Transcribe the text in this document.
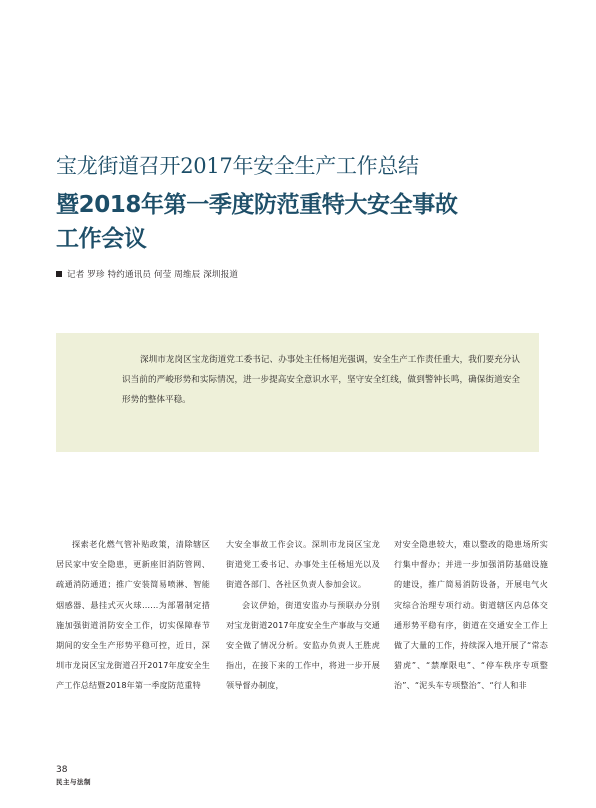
宝龙街道召开2017年安全生产工作总结
暨2018年第一季度防范重特大安全事故
工作会议
记者 罗珍 特约通讯员 何莹 周维辰 深圳报道

深圳市龙岗区宝龙街道党工委书记、办事处主任杨旭光强调，安全生产工作责任重大，我们要充分认识当前的严峻形势和实际情况，进一步提高安全意识水平，坚守安全红线，做到警钟长鸣，确保街道安全形势的整体平稳。

探索老化燃气管补贴政策，清除辖区居民家中安全隐患，更新座旧消防管网、疏通消防通道；推广安装简易喷淋、智能烟感器、悬挂式灭火球……为部署制定措施加强街道消防安全工作，切实保障春节期间的安全生产形势平稳可控，近日，深圳市龙岗区宝龙街道召开2017年度安全生产工作总结暨2018年第一季度防范重特

大安全事故工作会议。深圳市龙岗区宝龙街道党工委书记、办事处主任杨旭光以及街道各部门、各社区负责人参加会议。

会议伊始，街道安监办与预联办分别对宝龙街道2017年度安全生产事故与交通安全做了情况分析。安监办负责人王胜虎指出，在接下来的工作中，将进一步开展领导督办制度，

对安全隐患较大，难以整改的隐患场所实行集中督办；并进一步加强消防基础设施的建设，推广简易消防设备，开展电气火灾综合治理专项行动。街道辖区内总体交通形势平稳有序，街道在交通安全工作上做了大量的工作，持续深入地开展了“常态猎虎”、“禁摩限电”、“停车秩序专项整治”、“泥头车专项整治”、“行人和非

38
民主与法制
